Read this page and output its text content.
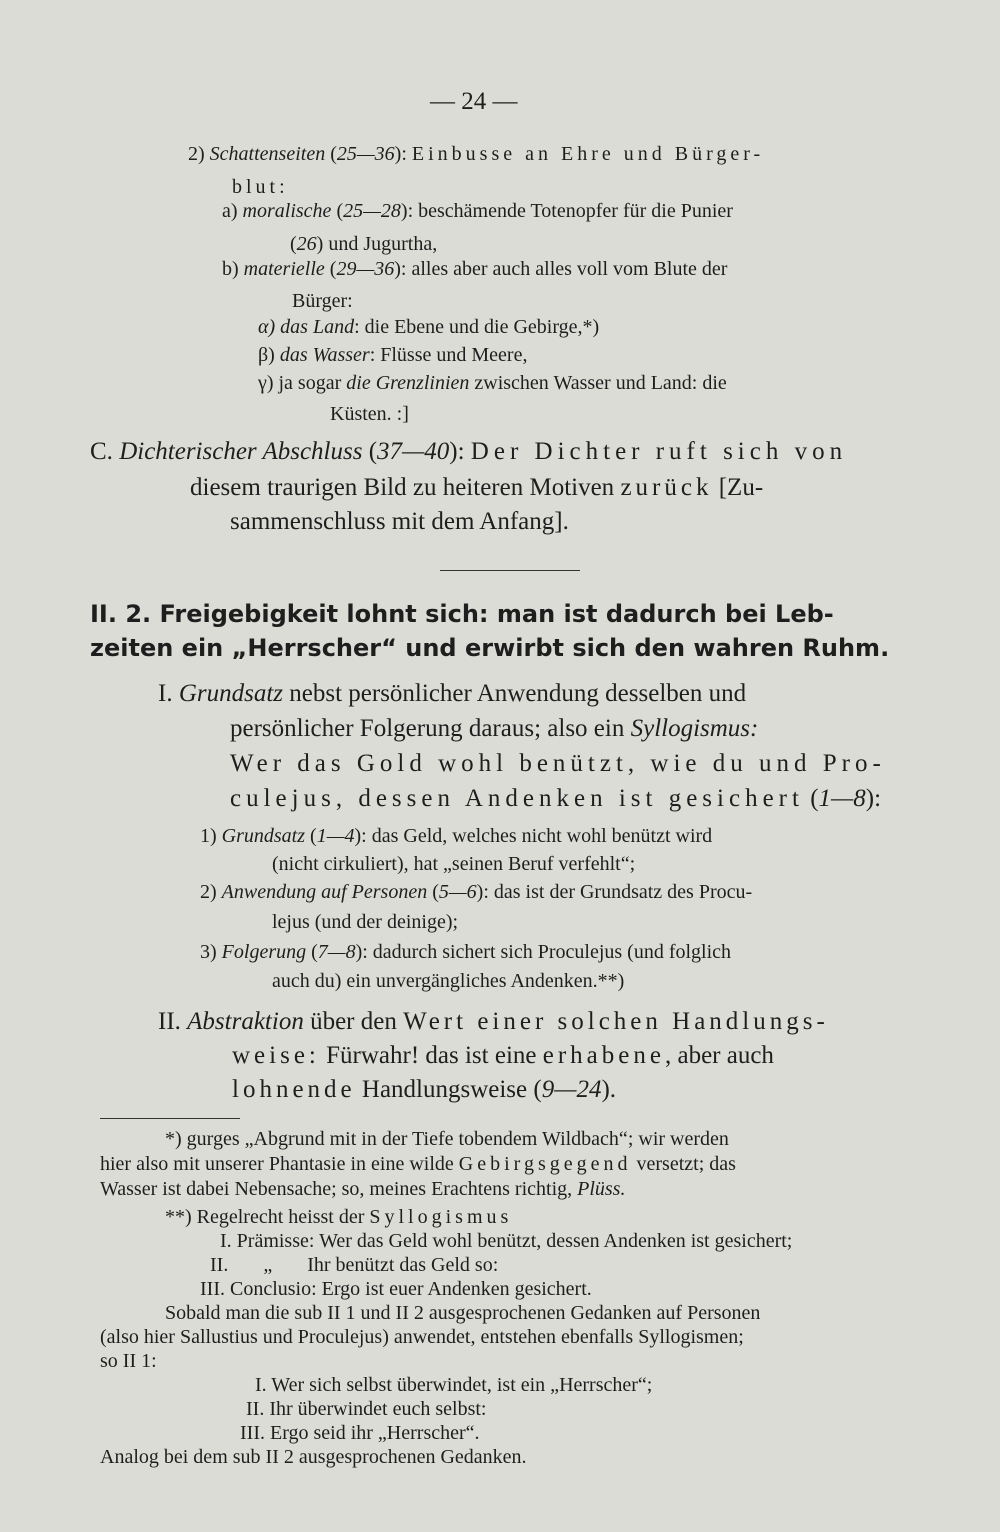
— 24 —
2) Schattenseiten (25—36): Einbusse an Ehre und Bürger-
blut:
a) moralische (25—28): beschämende Totenopfer für die Punier
(26) und Jugurtha,
b) materielle (29—36): alles aber auch alles voll vom Blute der
Bürger:
α) das Land: die Ebene und die Gebirge,*)
β) das Wasser: Flüsse und Meere,
γ) ja sogar die Grenzlinien zwischen Wasser und Land: die
Küsten. :]
C. Dichterischer Abschluss (37—40): Der Dichter ruft sich von
diesem traurigen Bild zu heiteren Motiven zurück [Zu-
sammenschluss mit dem Anfang].
II. 2. Freigebigkeit lohnt sich: man ist dadurch bei Leb-
zeiten ein „Herrscher“ und erwirbt sich den wahren Ruhm.
I. Grundsatz nebst persönlicher Anwendung desselben und
persönlicher Folgerung daraus; also ein Syllogismus:
Wer das Gold wohl benützt, wie du und Pro-
culejus, dessen Andenken ist gesichert (1—8):
1) Grundsatz (1—4): das Geld, welches nicht wohl benützt wird
(nicht cirkuliert), hat „seinen Beruf verfehlt“;
2) Anwendung auf Personen (5—6): das ist der Grundsatz des Procu-
lejus (und der deinige);
3) Folgerung (7—8): dadurch sichert sich Proculejus (und folglich
auch du) ein unvergängliches Andenken.**)
II. Abstraktion über den Wert einer solchen Handlungs-
weise: Fürwahr! das ist eine erhabene, aber auch
lohnende Handlungsweise (9—24).
*) gurges „Abgrund mit in der Tiefe tobendem Wildbach“; wir werden
hier also mit unserer Phantasie in eine wilde Gebirgsgegend versetzt; das
Wasser ist dabei Nebensache; so, meines Erachtens richtig, Plüss.
**) Regelrecht heisst der Syllogismus
I. Prämisse: Wer das Geld wohl benützt, dessen Andenken ist gesichert;
II.       „       Ihr benützt das Geld so:
III. Conclusio: Ergo ist euer Andenken gesichert.
Sobald man die sub II 1 und II 2 ausgesprochenen Gedanken auf Personen
(also hier Sallustius und Proculejus) anwendet, entstehen ebenfalls Syllogismen;
so II 1:
I. Wer sich selbst überwindet, ist ein „Herrscher“;
II. Ihr überwindet euch selbst:
III. Ergo seid ihr „Herrscher“.
Analog bei dem sub II 2 ausgesprochenen Gedanken.
